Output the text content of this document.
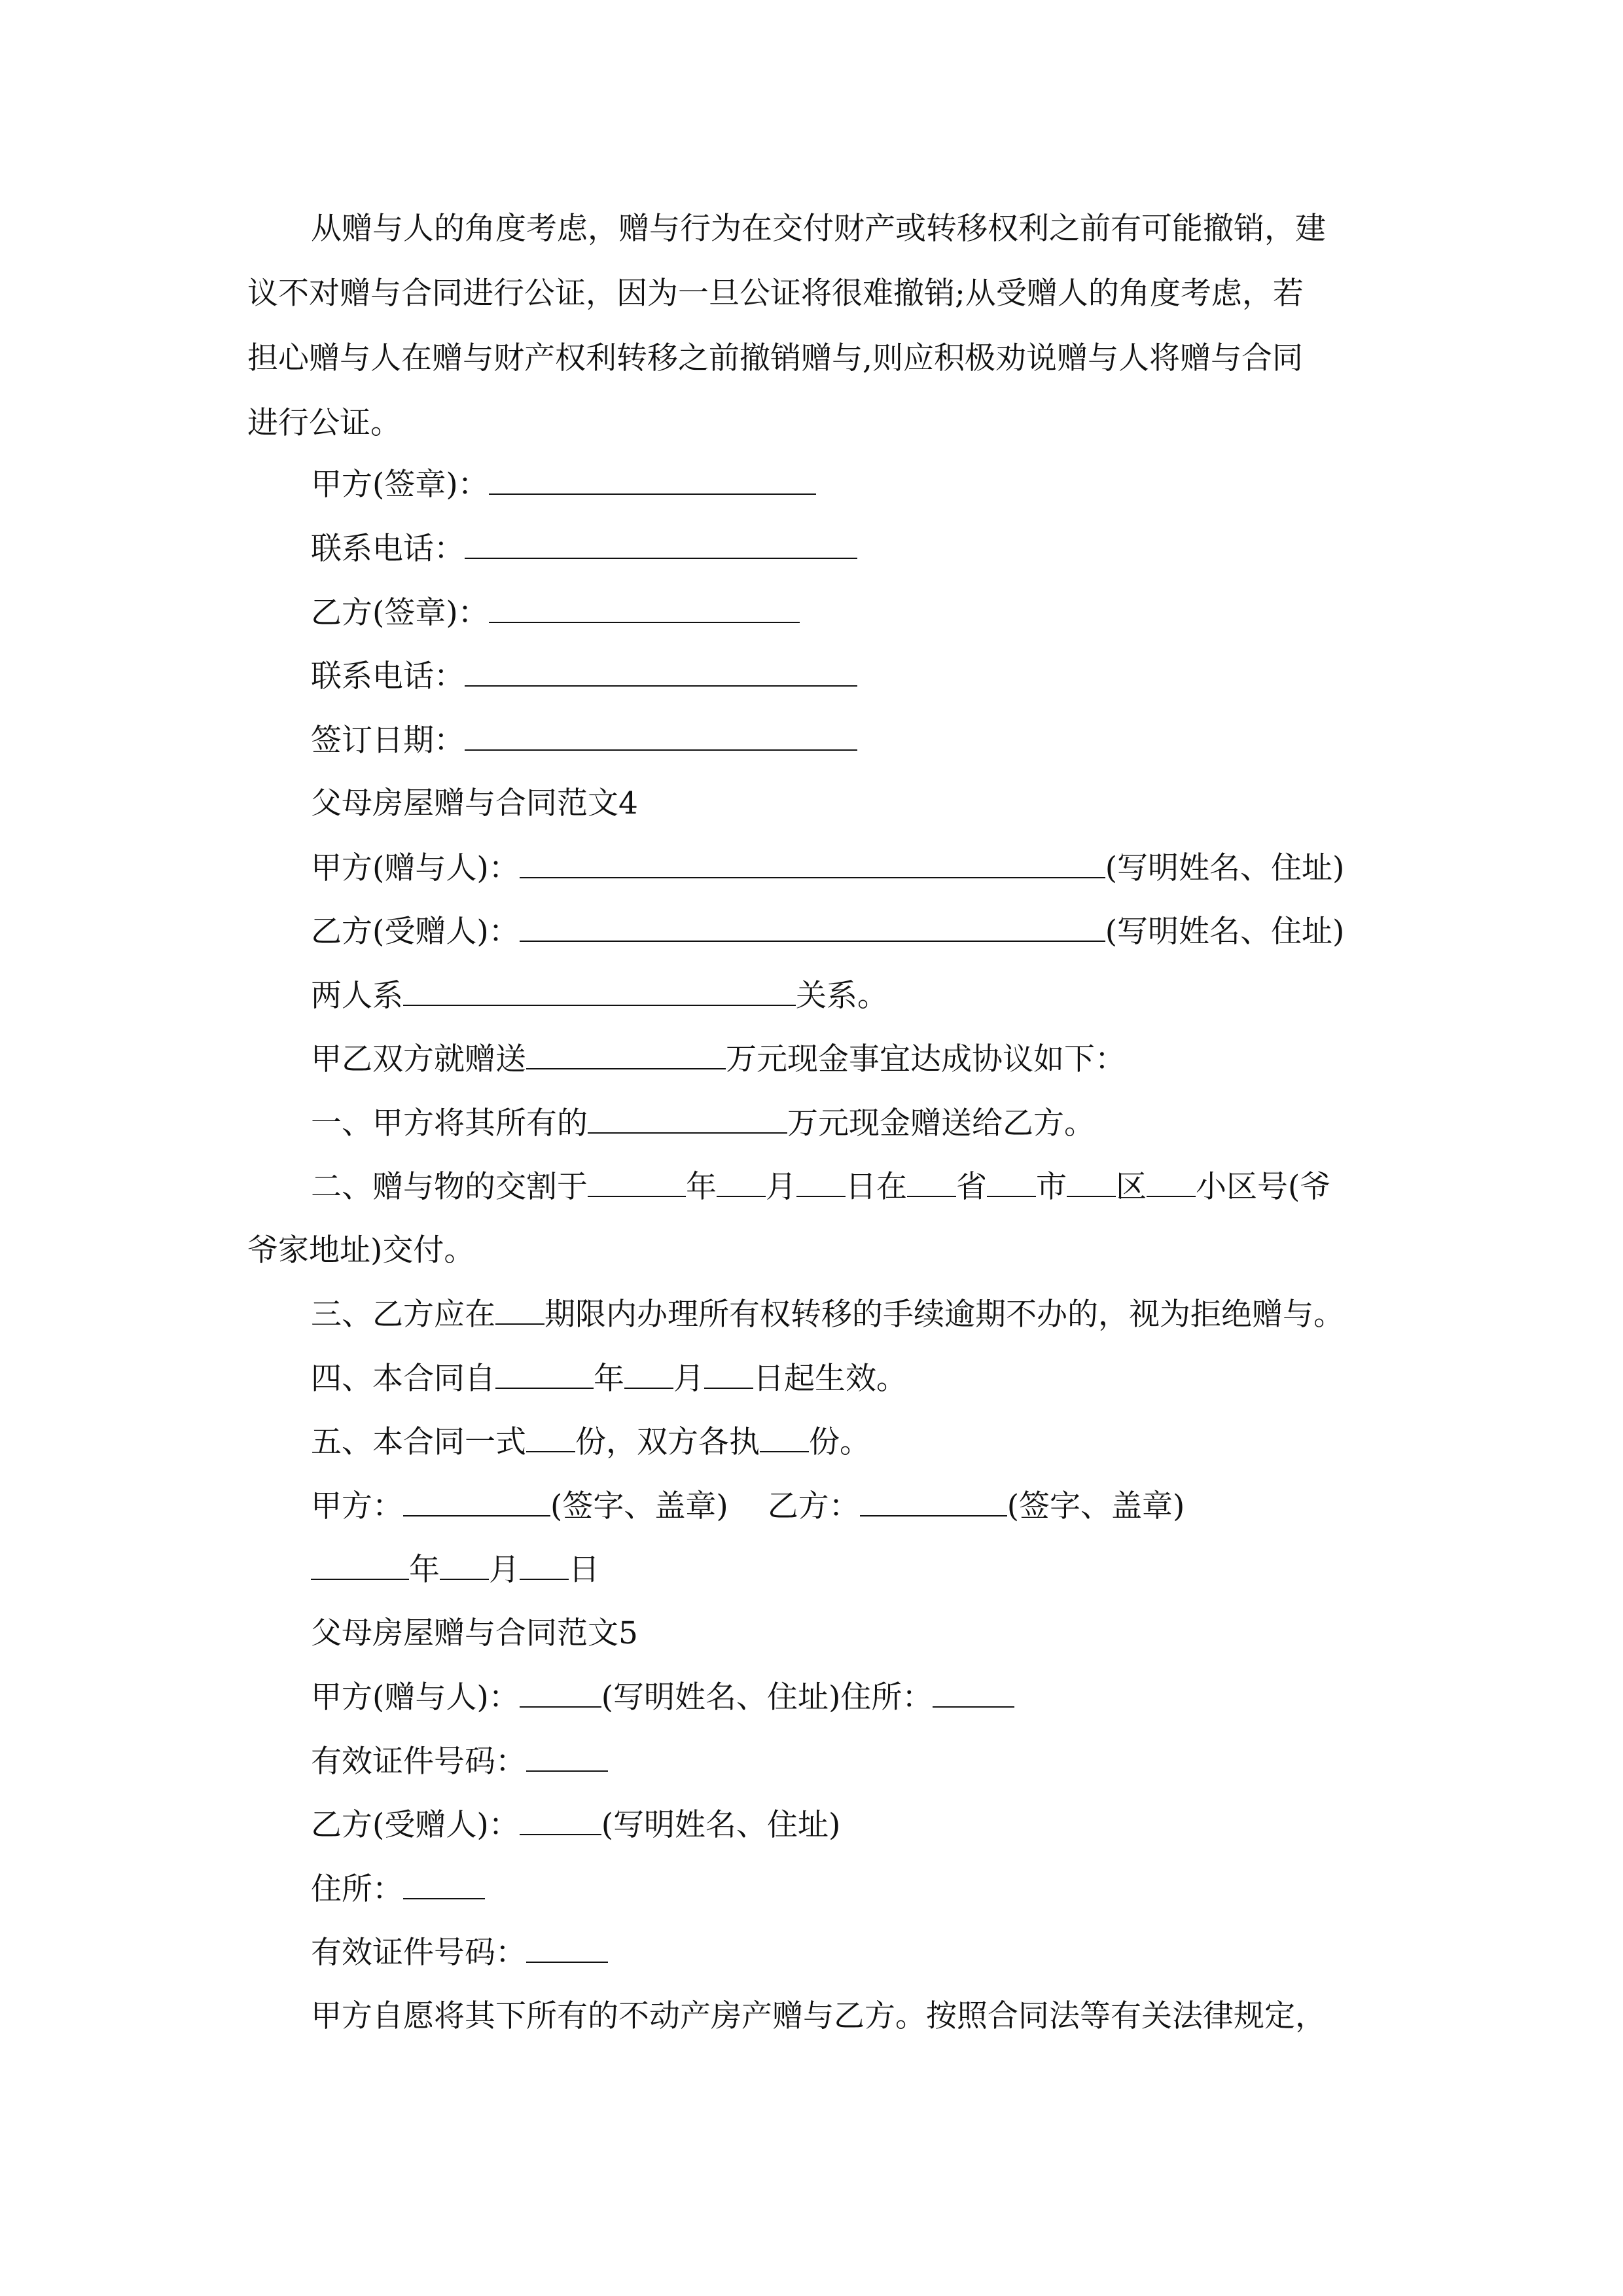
从赠与人的角度考虑，赠与行为在交付财产或转移权利之前有可能撤销，建
议不对赠与合同进行公证，因为一旦公证将很难撤销;从受赠人的角度考虑，若
担心赠与人在赠与财产权利转移之前撤销赠与,则应积极劝说赠与人将赠与合同
进行公证。
甲方(签章)：
联系电话：
乙方(签章)：
联系电话：
签订日期：
父母房屋赠与合同范文4
甲方(赠与人)：	(写明姓名、住址)
乙方(受赠人)：	(写明姓名、住址)
两人系	关系。
甲乙双方就赠送	万元现金事宜达成协议如下：
一、甲方将其所有的	万元现金赠送给乙方。
二、赠与物的交割于	年 月 日在 省 市 区 小区号(爷
爷家地址)交付。
三、乙方应在 期限内办理所有权转移的手续逾期不办的，视为拒绝赠与。
四、本合同自	年 月 日起生效。
五、本合同一式 份，双方各执 份。
甲方：	(签字、盖章) 乙方：	(签字、盖章)
年 月 日
父母房屋赠与合同范文5
甲方(赠与人)：	(写明姓名、住址)住所：
有效证件号码：
乙方(受赠人)：	(写明姓名、住址)
住所：
有效证件号码：
甲方自愿将其下所有的不动产房产赠与乙方。按照合同法等有关法律规定，
